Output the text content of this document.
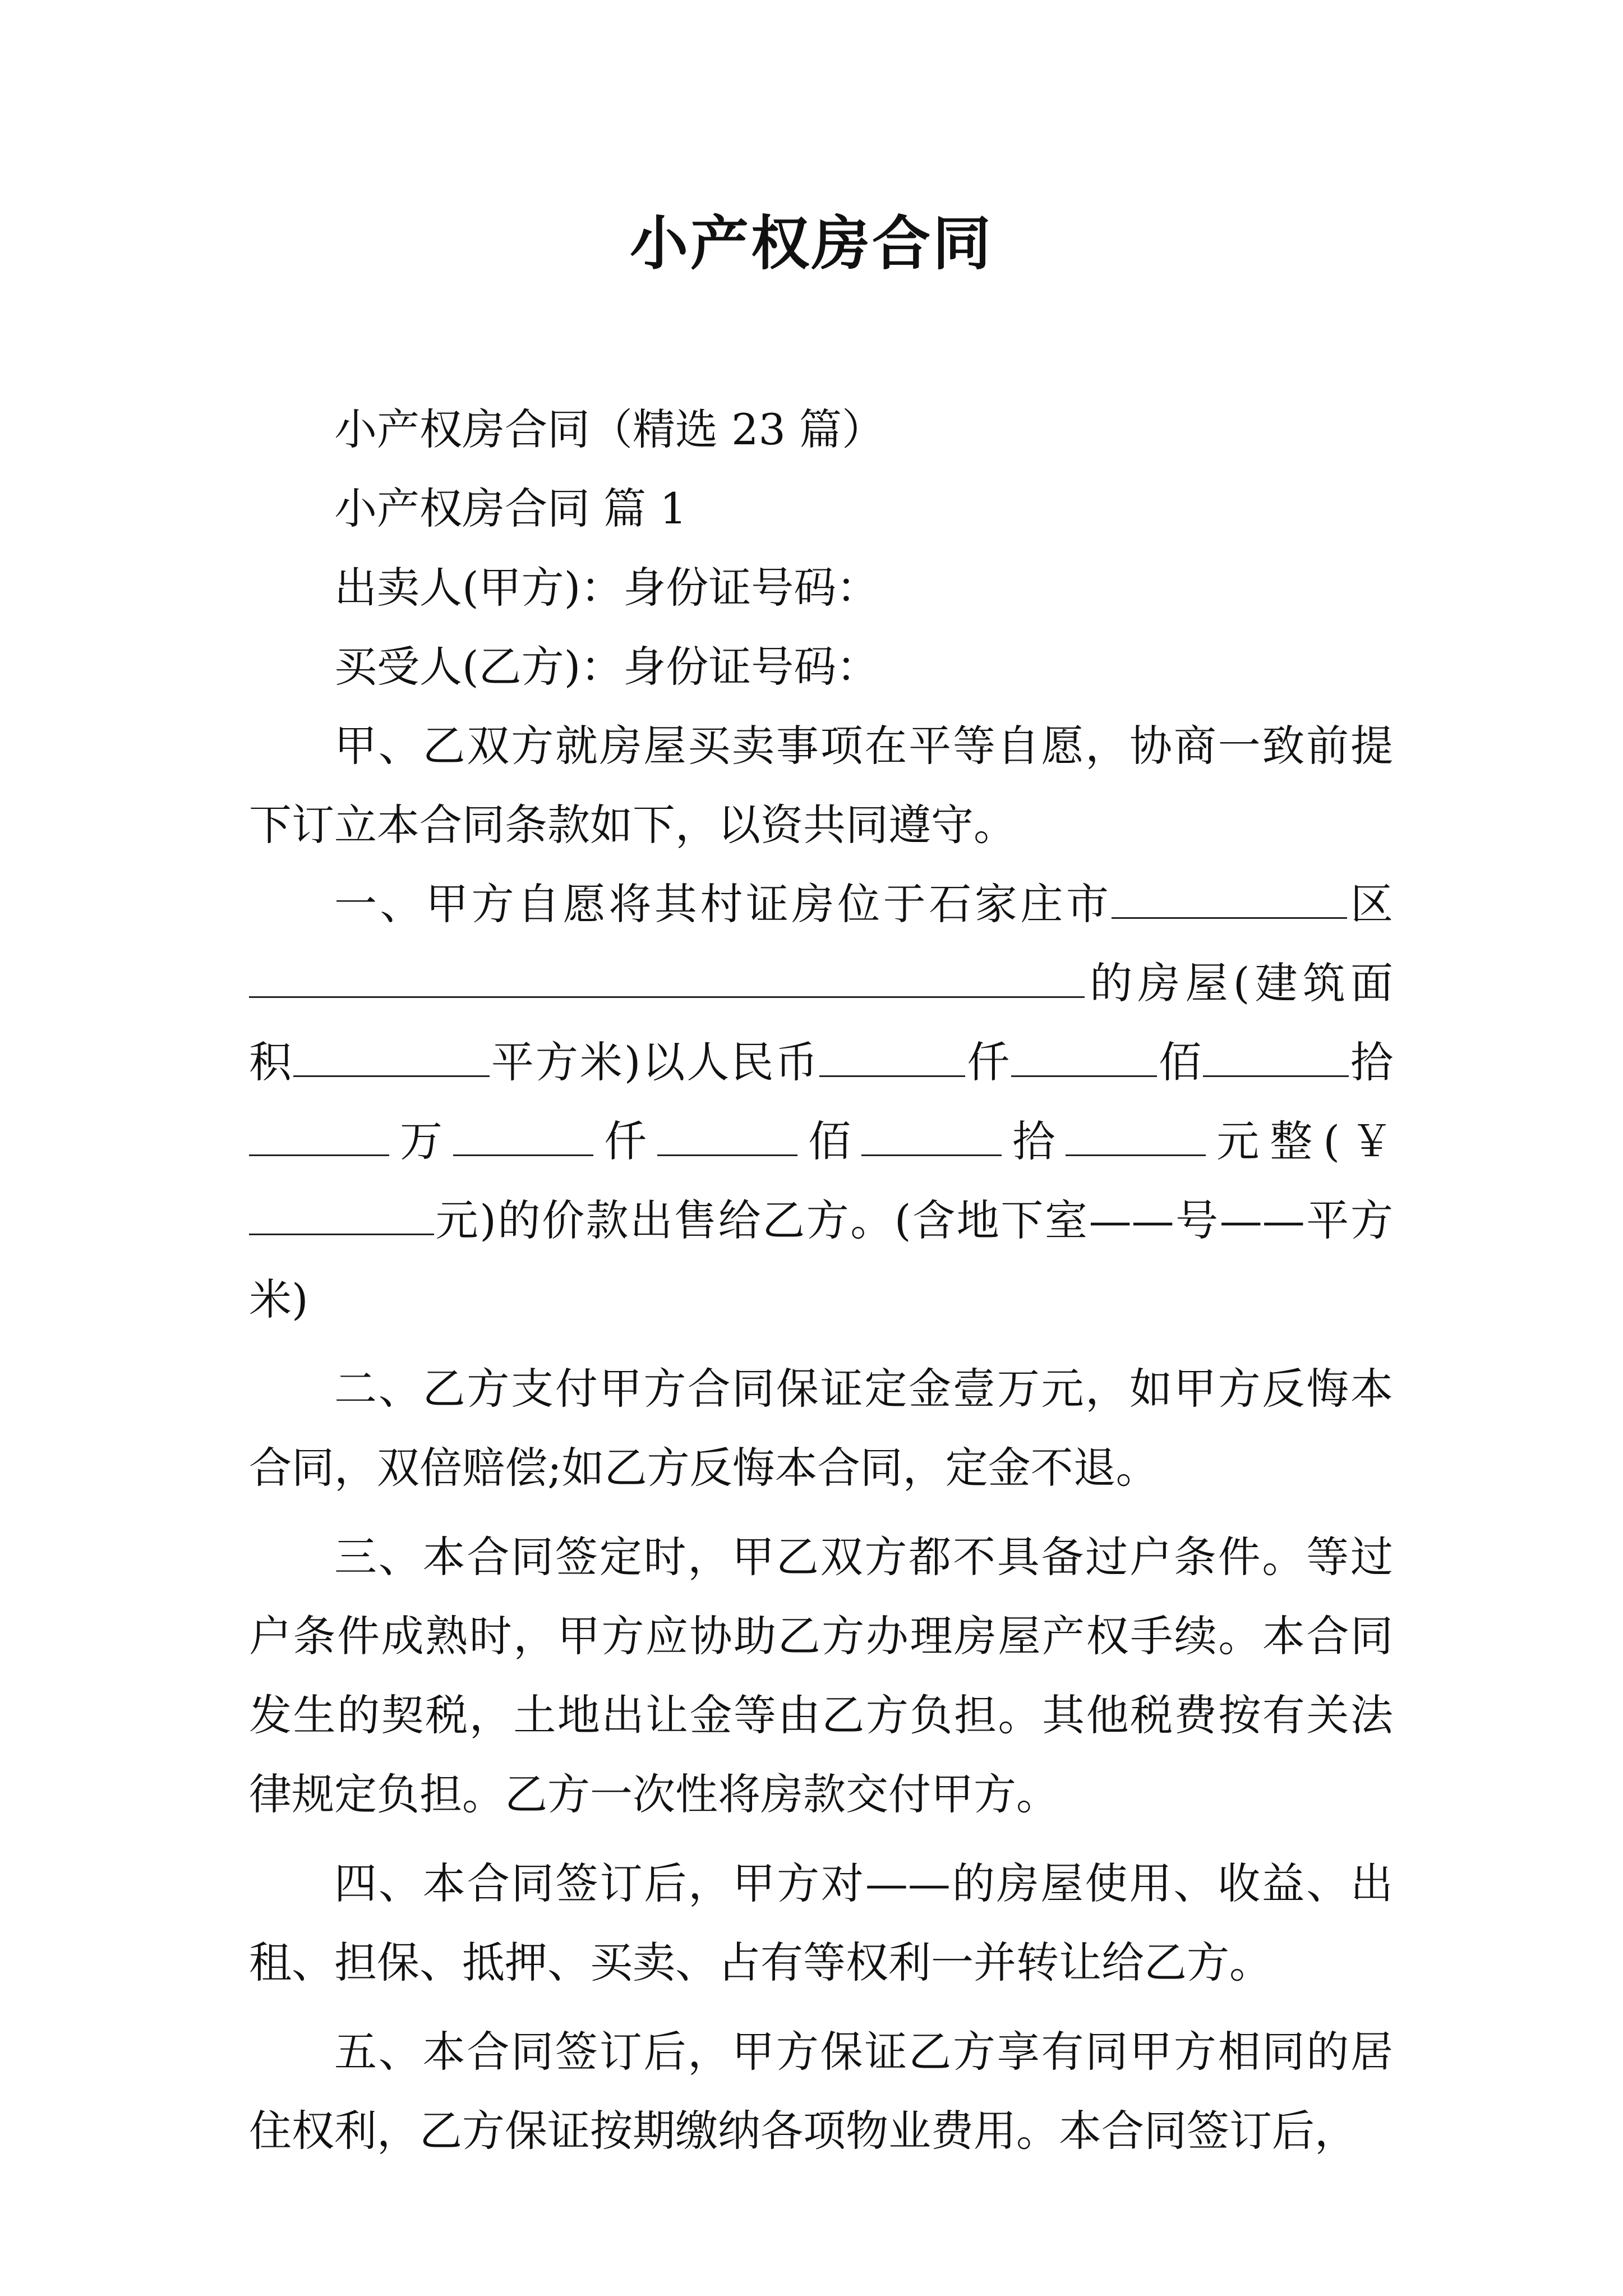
小产权房合同

小产权房合同（精选 23 篇）

小产权房合同 篇 1

出卖人(甲方)：身份证号码：

买受人(乙方)：身份证号码：

甲、乙双方就房屋买卖事项在平等自愿，协商一致前提下订立本合同条款如下，以资共同遵守。

一、甲方自愿将其村证房位于石家庄市	区的房屋(建筑面积	平方米)以人民币	仟	佰	拾万	仟	佰	拾	元整(￥元)的价款出售给乙方。(含地下室——号——平方米)

二、乙方支付甲方合同保证定金壹万元，如甲方反悔本合同，双倍赔偿;如乙方反悔本合同，定金不退。

三、本合同签定时，甲乙双方都不具备过户条件。等过户条件成熟时，甲方应协助乙方办理房屋产权手续。本合同发生的契税，土地出让金等由乙方负担。其他税费按有关法律规定负担。乙方一次性将房款交付甲方。

四、本合同签订后，甲方对——的房屋使用、收益、出租、担保、抵押、买卖、占有等权利一并转让给乙方。

五、本合同签订后，甲方保证乙方享有同甲方相同的居住权利，乙方保证按期缴纳各项物业费用。本合同签订后，
